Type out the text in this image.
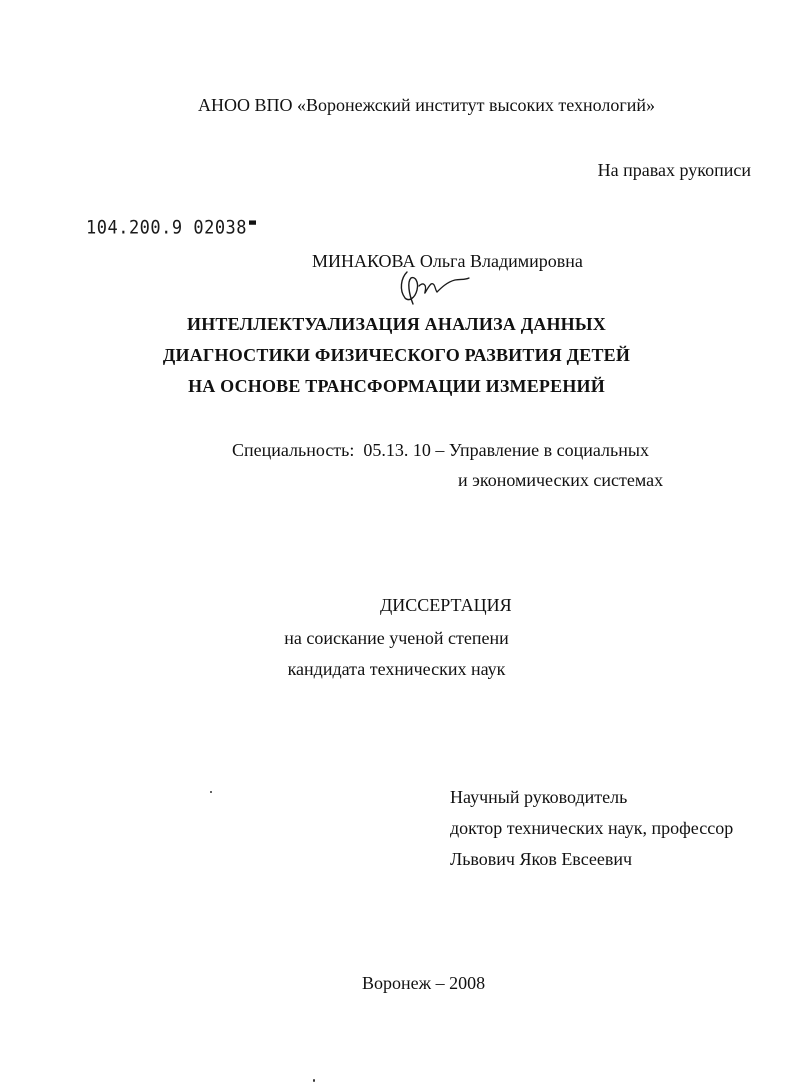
АНОО ВПО «Воронежский институт высоких технологий»
На правах рукописи
104.200.9 02038
МИНАКОВА Ольга Владимировна
ИНТЕЛЛЕКТУАЛИЗАЦИЯ АНАЛИЗА ДАННЫХ
ДИАГНОСТИКИ ФИЗИЧЕСКОГО РАЗВИТИЯ ДЕТЕЙ
НА ОСНОВЕ ТРАНСФОРМАЦИИ ИЗМЕРЕНИЙ
Специальность:  05.13. 10 – Управление в социальных
и экономических системах
ДИССЕРТАЦИЯ
на соискание ученой степени
кандидата технических наук
Научный руководитель
доктор технических наук, профессор
Львович Яков Евсеевич
Воронеж – 2008
